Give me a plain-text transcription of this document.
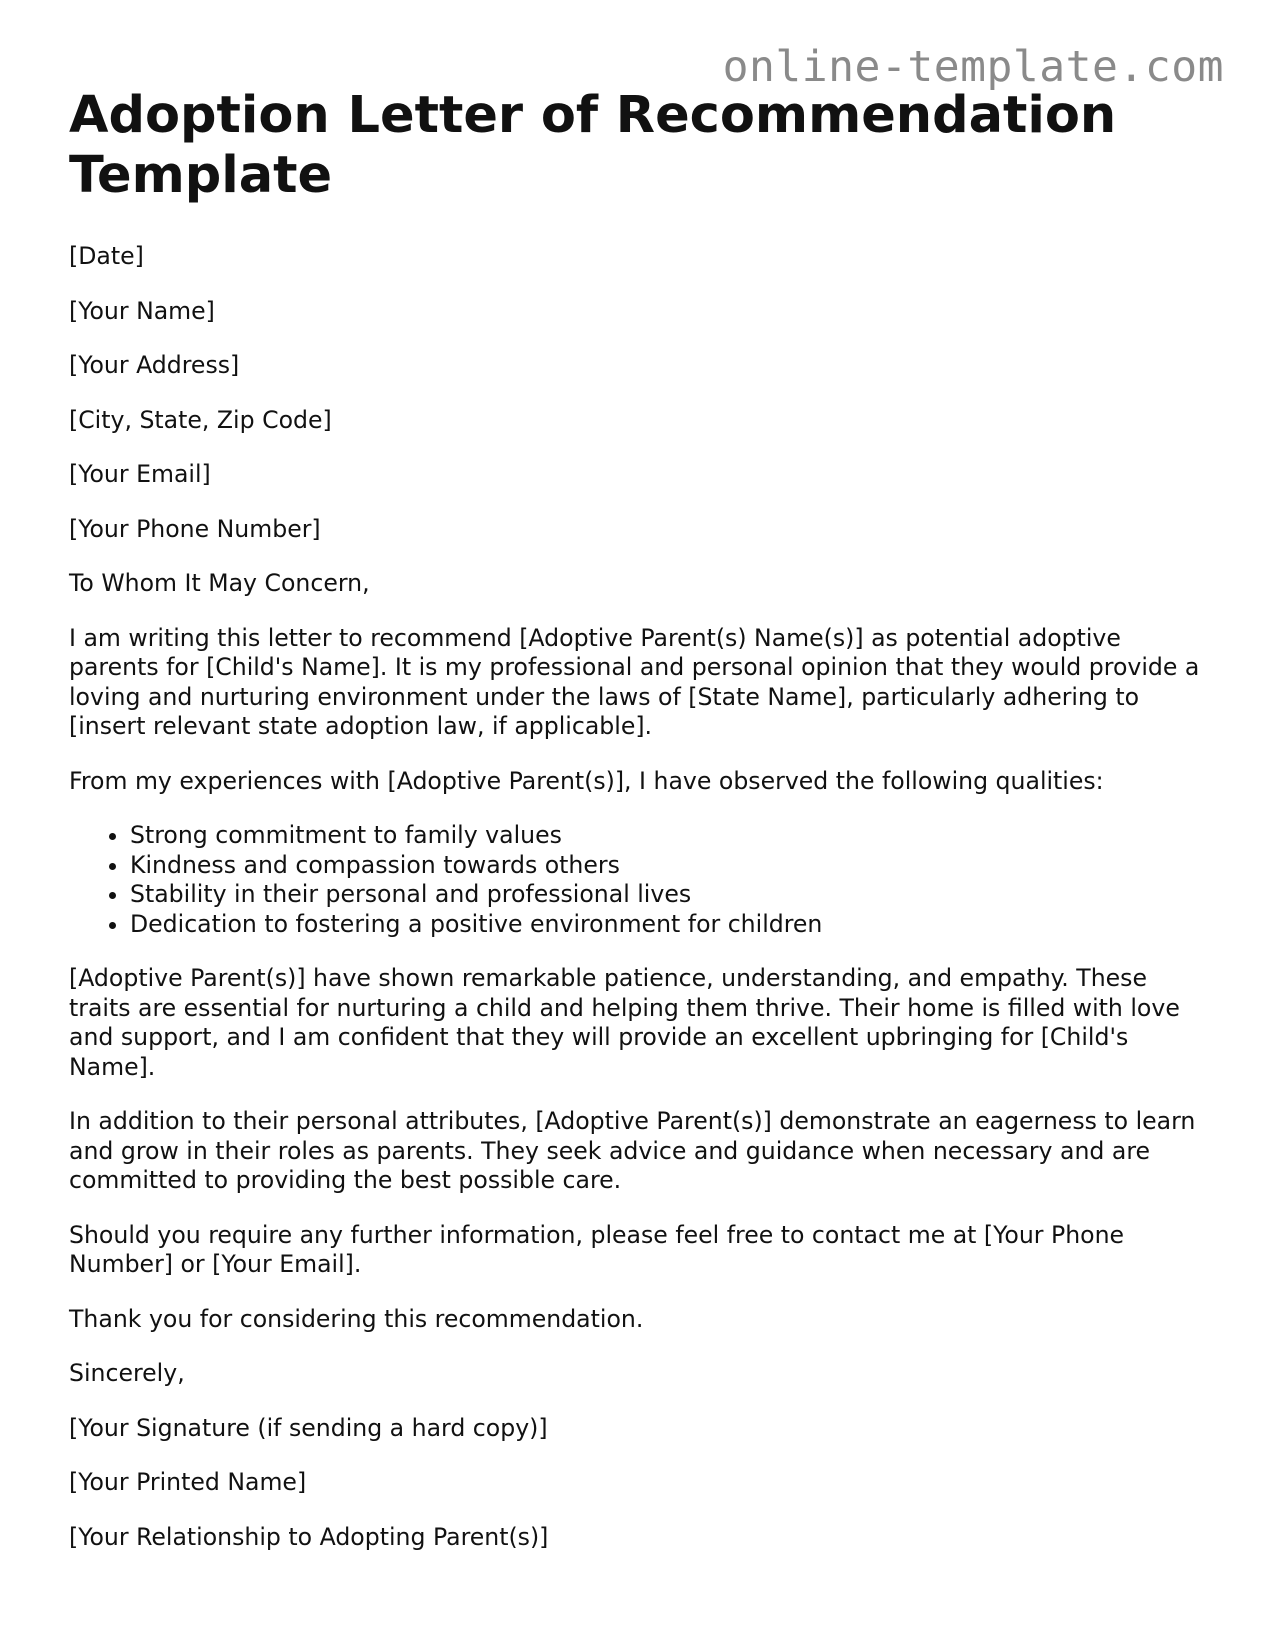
online-template.com
Adoption Letter of Recommendation Template

[Date]

[Your Name]

[Your Address]

[City, State, Zip Code]

[Your Email]

[Your Phone Number]

To Whom It May Concern,

I am writing this letter to recommend [Adoptive Parent(s) Name(s)] as potential adoptive parents for [Child's Name]. It is my professional and personal opinion that they would provide a loving and nurturing environment under the laws of [State Name], particularly adhering to [insert relevant state adoption law, if applicable].

From my experiences with [Adoptive Parent(s)], I have observed the following qualities:

• Strong commitment to family values
• Kindness and compassion towards others
• Stability in their personal and professional lives
• Dedication to fostering a positive environment for children

[Adoptive Parent(s)] have shown remarkable patience, understanding, and empathy. These traits are essential for nurturing a child and helping them thrive. Their home is filled with love and support, and I am confident that they will provide an excellent upbringing for [Child's Name].

In addition to their personal attributes, [Adoptive Parent(s)] demonstrate an eagerness to learn and grow in their roles as parents. They seek advice and guidance when necessary and are committed to providing the best possible care.

Should you require any further information, please feel free to contact me at [Your Phone Number] or [Your Email].

Thank you for considering this recommendation.

Sincerely,

[Your Signature (if sending a hard copy)]

[Your Printed Name]

[Your Relationship to Adopting Parent(s)]
